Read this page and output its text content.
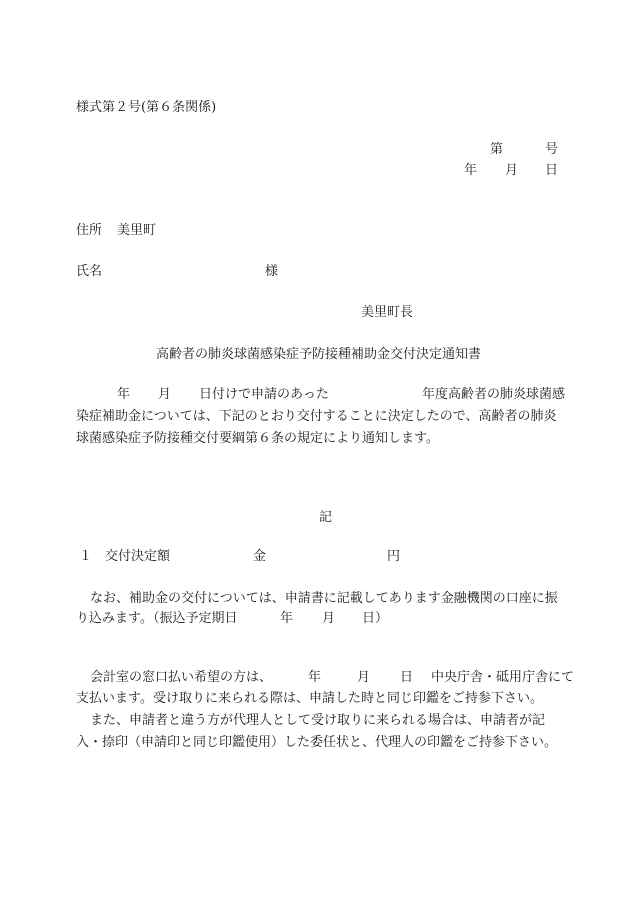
様式第２号(第６条関係)

第	号
年 月 日
住所 美里町
氏名	様

美里町長

高齢者の肺炎球菌感染症予防接種補助金交付決定通知書

年 月 日付けで申請のあった	年度高齢者の肺炎球菌感

染症補助金については、下記のとおり交付することに決定したので、高齢者の肺炎

球菌感染症予防接種交付要綱第６条の規定により通知します。

記

１ 交付決定額	金	円

なお、補助金の交付については、申請書に記載してあります金融機関の口座に振

り込みます。（振込予定期日	年 月 日）
会計室の窓口払い希望の方は、	年	月 日 中央庁舎・砥用庁舎にて

支払います。受け取りに来られる際は、申請した時と同じ印鑑をご持参下さい。

また、申請者と違う方が代理人として受け取りに来られる場合は、申請者が記

入・捺印（申請印と同じ印鑑使用）した委任状と、代理人の印鑑をご持参下さい。
